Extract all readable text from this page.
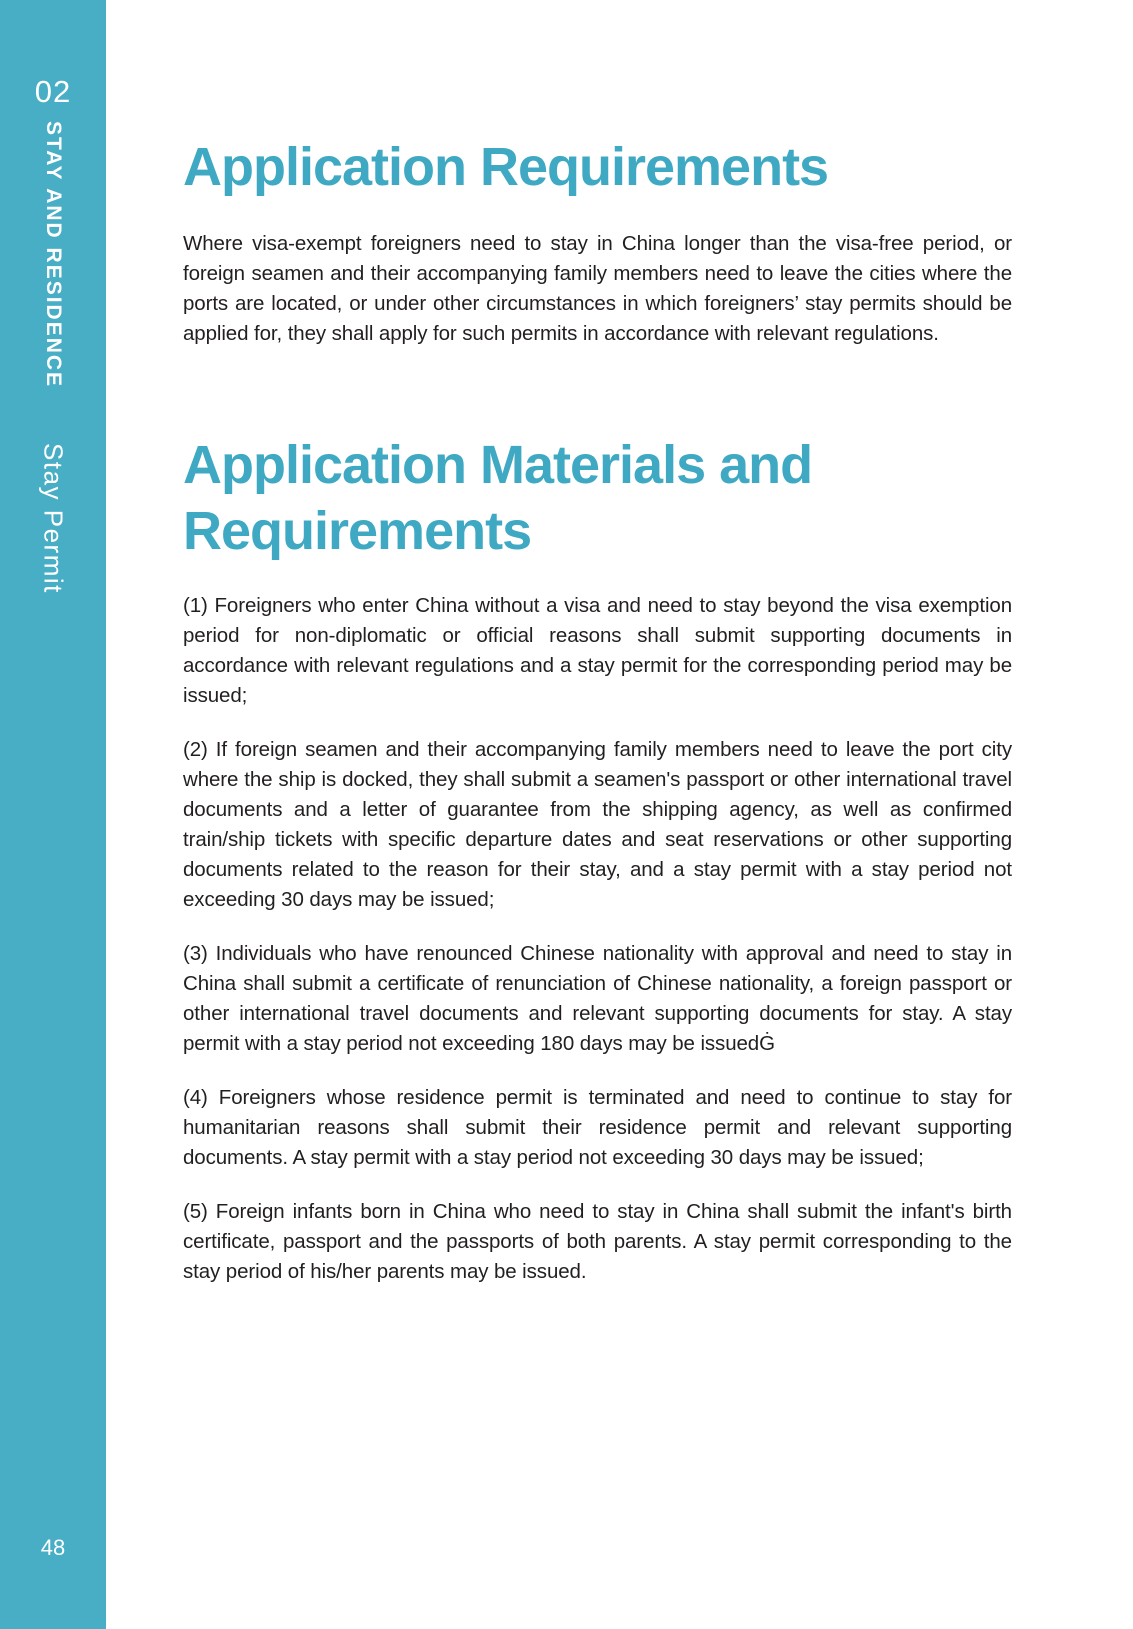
02
STAY AND RESIDENCE
Stay Permit
48
Application Requirements

Where visa-exempt foreigners need to stay in China longer than the visa-free period, or foreign seamen and their accompanying family members need to leave the cities where the ports are located, or under other circumstances in which foreigners’ stay permits should be applied for, they shall apply for such permits in accordance with relevant regulations.

Application Materials and Requirements

(1) Foreigners who enter China without a visa and need to stay beyond the visa exemption period for non-diplomatic or official reasons shall submit supporting documents in accordance with relevant regulations and a stay permit for the corresponding period may be issued;

(2) If foreign seamen and their accompanying family members need to leave the port city where the ship is docked, they shall submit a seamen's passport or other international travel documents and a letter of guarantee from the shipping agency, as well as confirmed train/ship tickets with specific departure dates and seat reservations or other supporting documents related to the reason for their stay, and a stay permit with a stay period not exceeding 30 days may be issued;

(3) Individuals who have renounced Chinese nationality with approval and need to stay in China shall submit a certificate of renunciation of Chinese nationality, a foreign passport or other international travel documents and relevant supporting documents for stay. A stay permit with a stay period not exceeding 180 days may be issuedĠ

(4) Foreigners whose residence permit is terminated and need to continue to stay for humanitarian reasons shall submit their residence permit and relevant supporting documents. A stay permit with a stay period not exceeding 30 days may be issued;

(5) Foreign infants born in China who need to stay in China shall submit the infant's birth certificate, passport and the passports of both parents. A stay permit corresponding to the stay period of his/her parents may be issued.
